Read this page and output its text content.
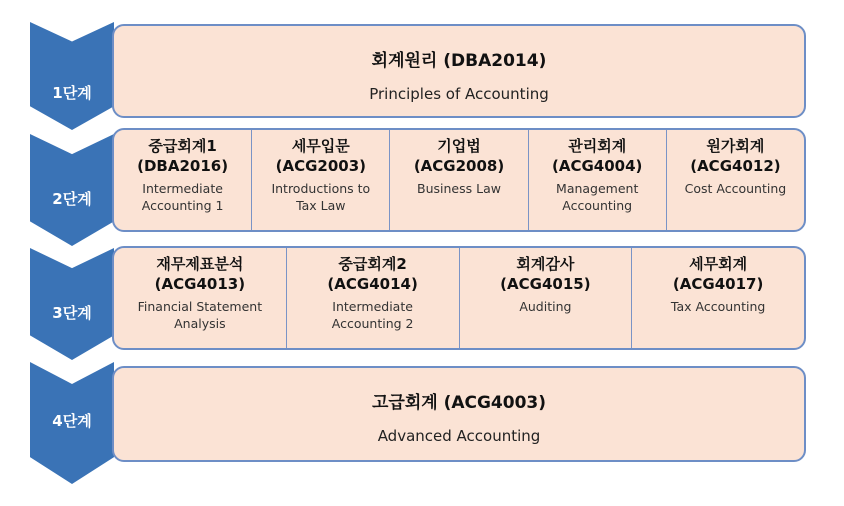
1단계
2단계
3단계
4단계
회계원리 (DBA2014)
Principles of Accounting
중급회계1
(DBA2016)
Intermediate
Accounting 1
세무입문
(ACG2003)
Introductions to
Tax Law
기업법
(ACG2008)
Business Law
관리회계
(ACG4004)
Management
Accounting
원가회계
(ACG4012)
Cost Accounting
재무제표분석
(ACG4013)
Financial Statement
Analysis
중급회계2
(ACG4014)
Intermediate
Accounting 2
회계감사
(ACG4015)
Auditing
세무회계
(ACG4017)
Tax Accounting
고급회계 (ACG4003)
Advanced Accounting
